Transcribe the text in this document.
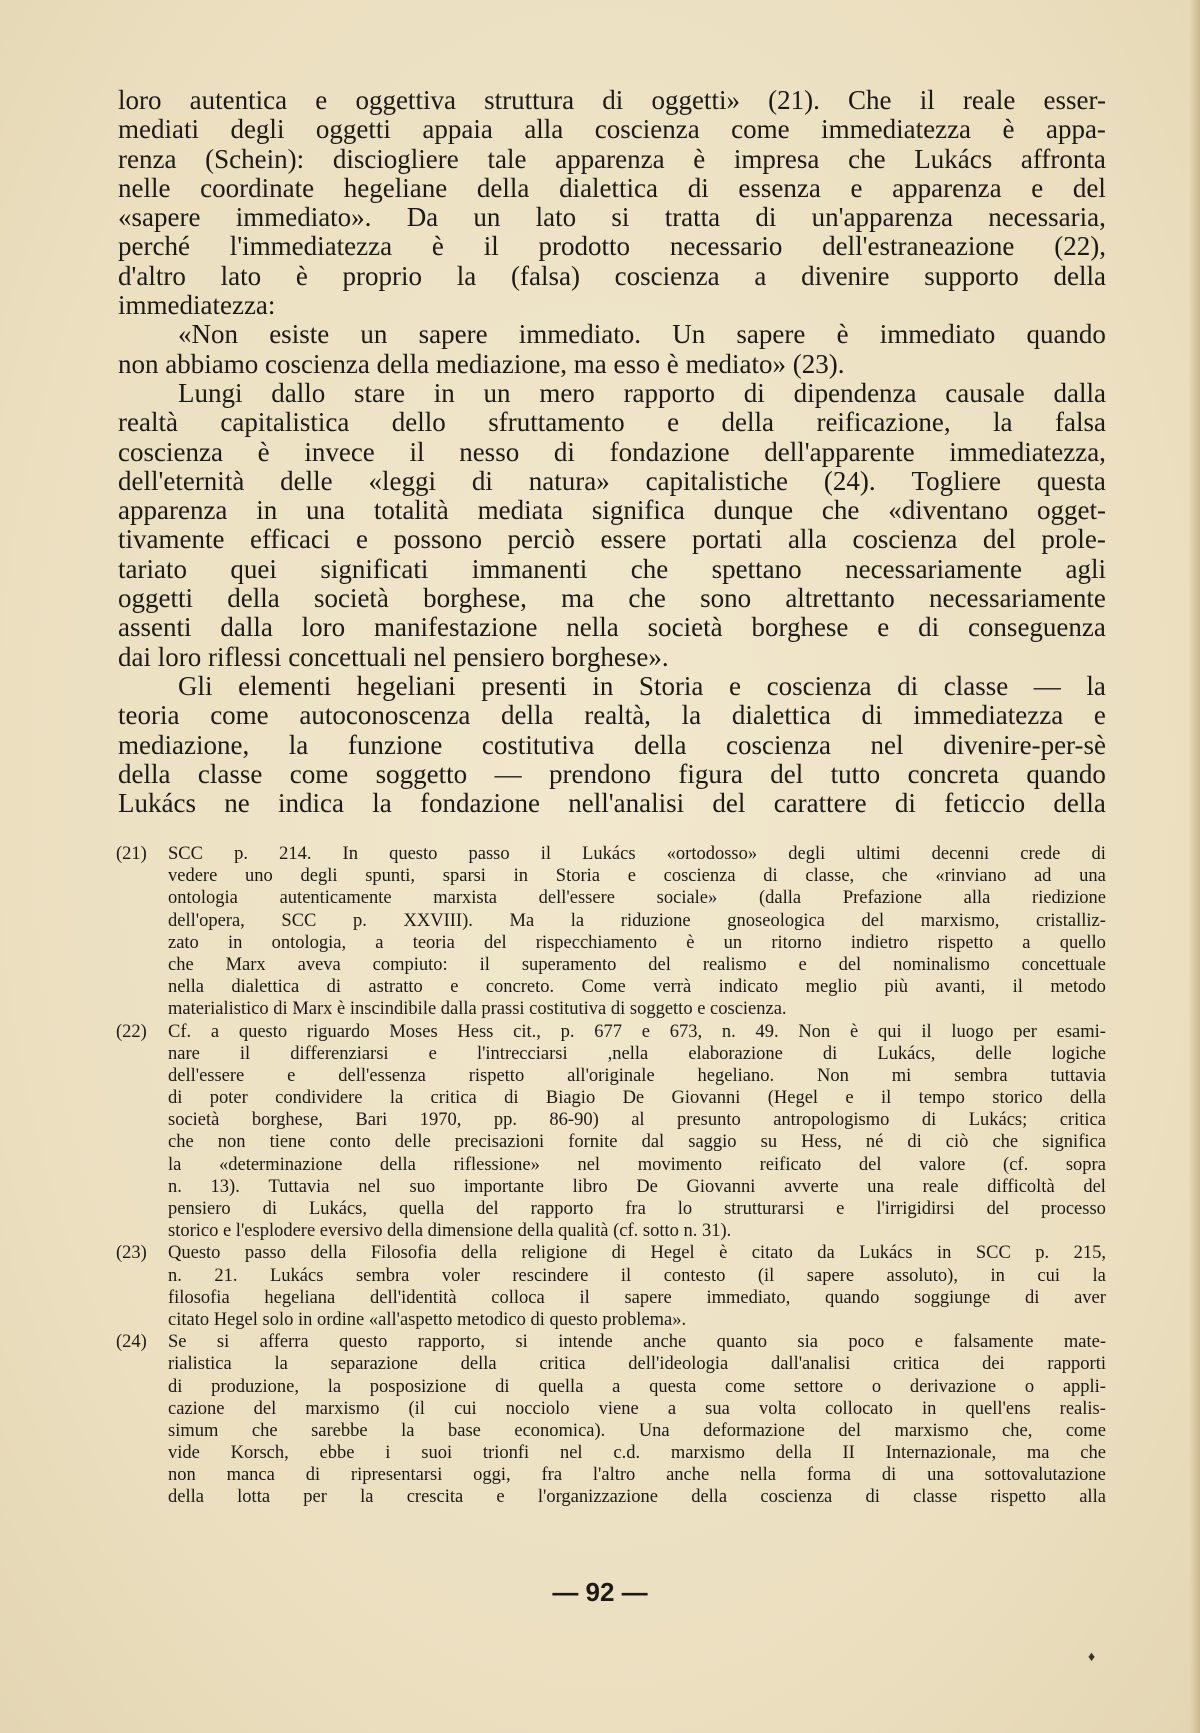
loro autentica e oggettiva struttura di oggetti» (21). Che il reale esser-
mediati degli oggetti appaia alla coscienza come immediatezza è appa-
renza (Schein): disciogliere tale apparenza è impresa che Lukács affronta
nelle coordinate hegeliane della dialettica di essenza e apparenza e del
«sapere immediato». Da un lato si tratta di un'apparenza necessaria,
perché l'immediatezza è il prodotto necessario dell'estraneazione (22),
d'altro lato è proprio la (falsa) coscienza a divenire supporto della
immediatezza:
«Non esiste un sapere immediato. Un sapere è immediato quando
non abbiamo coscienza della mediazione, ma esso è mediato» (23).
Lungi dallo stare in un mero rapporto di dipendenza causale dalla
realtà capitalistica dello sfruttamento e della reificazione, la falsa
coscienza è invece il nesso di fondazione dell'apparente immediatezza,
dell'eternità delle «leggi di natura» capitalistiche (24). Togliere questa
apparenza in una totalità mediata significa dunque che «diventano ogget-
tivamente efficaci e possono perciò essere portati alla coscienza del prole-
tariato quei significati immanenti che spettano necessariamente agli
oggetti della società borghese, ma che sono altrettanto necessariamente
assenti dalla loro manifestazione nella società borghese e di conseguenza
dai loro riflessi concettuali nel pensiero borghese».
Gli elementi hegeliani presenti in Storia e coscienza di classe — la
teoria come autoconoscenza della realtà, la dialettica di immediatezza e
mediazione, la funzione costitutiva della coscienza nel divenire-per-sè
della classe come soggetto — prendono figura del tutto concreta quando
Lukács ne indica la fondazione nell'analisi del carattere di feticcio della
(21)	SCC p. 214. In questo passo il Lukács «ortodosso» degli ultimi decenni crede di
vedere uno degli spunti, sparsi in Storia e coscienza di classe, che «rinviano ad una
ontologia autenticamente marxista dell'essere sociale» (dalla Prefazione alla riedizione
dell'opera, SCC p. XXVIII). Ma la riduzione gnoseologica del marxismo, cristalliz-
zato in ontologia, a teoria del rispecchiamento è un ritorno indietro rispetto a quello
che Marx aveva compiuto: il superamento del realismo e del nominalismo concettuale
nella dialettica di astratto e concreto. Come verrà indicato meglio più avanti, il metodo
materialistico di Marx è inscindibile dalla prassi costitutiva di soggetto e coscienza.
(22)	Cf. a questo riguardo Moses Hess cit., p. 677 e 673, n. 49. Non è qui il luogo per esami-
nare il differenziarsi e l'intrecciarsi ,nella elaborazione di Lukács, delle logiche
dell'essere e dell'essenza rispetto all'originale hegeliano. Non mi sembra tuttavia
di poter condividere la critica di Biagio De Giovanni (Hegel e il tempo storico della
società borghese, Bari 1970, pp. 86-90) al presunto antropologismo di Lukács; critica
che non tiene conto delle precisazioni fornite dal saggio su Hess, né di ciò che significa
la «determinazione della riflessione» nel movimento reificato del valore (cf. sopra
n. 13). Tuttavia nel suo importante libro De Giovanni avverte una reale difficoltà del
pensiero di Lukács, quella del rapporto fra lo strutturarsi e l'irrigidirsi del processo
storico e l'esplodere eversivo della dimensione della qualità (cf. sotto n. 31).
(23)	Questo passo della Filosofia della religione di Hegel è citato da Lukács in SCC p. 215,
n. 21. Lukács sembra voler rescindere il contesto (il sapere assoluto), in cui la
filosofia hegeliana dell'identità colloca il sapere immediato, quando soggiunge di aver
citato Hegel solo in ordine «all'aspetto metodico di questo problema».
(24)	Se si afferra questo rapporto, si intende anche quanto sia poco e falsamente mate-
rialistica la separazione della critica dell'ideologia dall'analisi critica dei rapporti
di produzione, la posposizione di quella a questa come settore o derivazione o appli-
cazione del marxismo (il cui nocciolo viene a sua volta collocato in quell'ens realis-
simum che sarebbe la base economica). Una deformazione del marxismo che, come
vide Korsch, ebbe i suoi trionfi nel c.d. marxismo della II Internazionale, ma che
non manca di ripresentarsi oggi, fra l'altro anche nella forma di una sottovalutazione
della lotta per la crescita e l'organizzazione della coscienza di classe rispetto alla
— 92 —
♦
